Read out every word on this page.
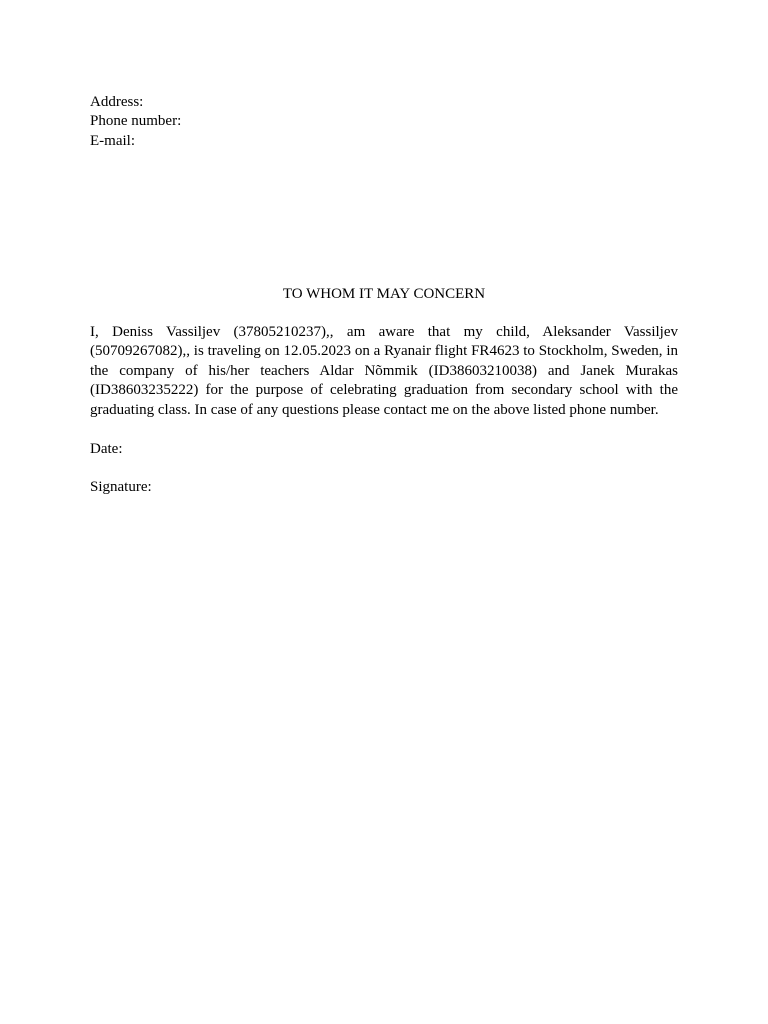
Address:
Phone number:
E-mail:
TO WHOM IT MAY CONCERN

I, Deniss Vassiljev (37805210237),, am aware that my child, Aleksander Vassiljev (50709267082),, is traveling on 12.05.2023 on a Ryanair flight FR4623 to Stockholm, Sweden, in the company of his/her teachers Aldar Nõmmik (ID38603210038) and Janek Murakas (ID38603235222) for the purpose of celebrating graduation from secondary school with the graduating class. In case of any questions please contact me on the above listed phone number.

Date:

Signature:
